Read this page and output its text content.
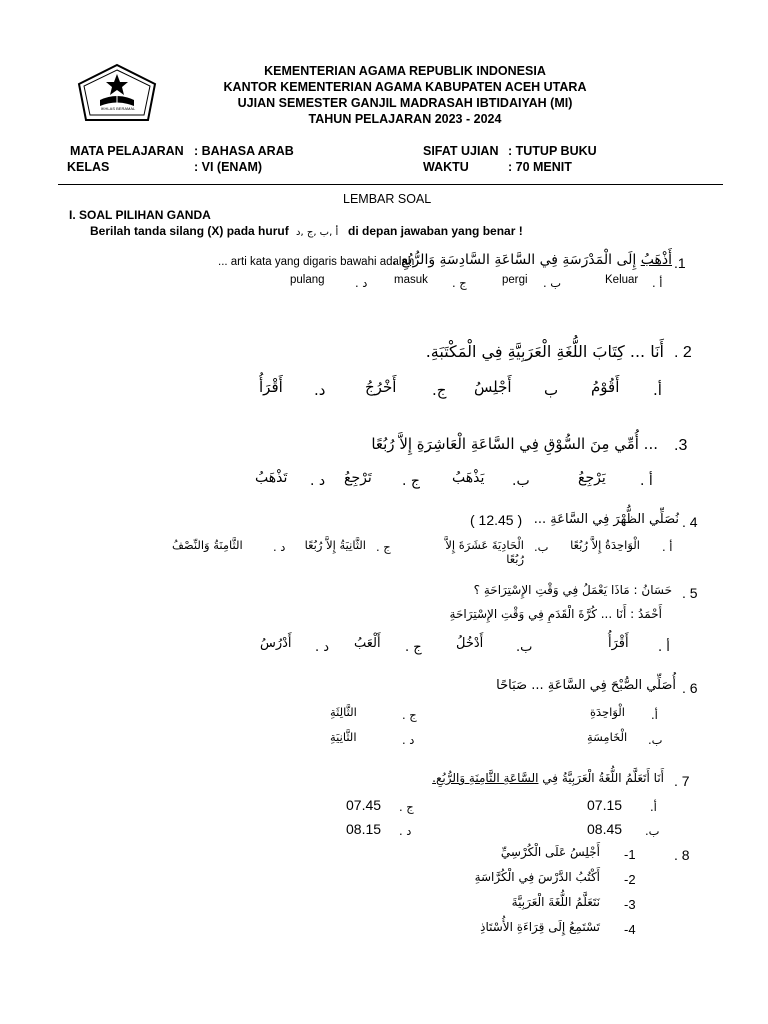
IKHLAS BERAMAL
KEMENTERIAN AGAMA REPUBLIK INDONESIA
KANTOR KEMENTERIAN AGAMA KABUPATEN ACEH UTARA
UJIAN SEMESTER GANJIL MADRASAH IBTIDAIYAH (MI)
TAHUN PELAJARAN 2023 - 2024
MATA PELAJARAN : BAHASA ARAB
KELAS	: VI (ENAM)
SIFAT UJIAN : TUTUP BUKU
WAKTU	: 70 MENIT
LEMBAR SOAL
I. SOAL PILIHAN GANDA
Berilah tanda silang (X) pada huruf أ ,ب ,ج ,د di depan jawaban yang benar !
.1
أَذْهَبُ إِلَى الْمَدْرَسَةِ فِي السَّاعَةِ السَّادِسَةِ وَالرُّبُعِ .
... arti kata yang digaris bawahi adalah
Keluar أ .
pergi ب .
masuk ج .
pulang	د .
. 2
أَنَا ... كِتَابَ اللُّغَةِ الْعَرَبِيَّةِ فِي الْمَكْتَبَةِ.
أ.
أَقُوْمُ
ب
أَجْلِسُ
ج.
أَخْرُجُ
د.
أَقْرَأُ
.3
... أُمِّي مِنَ السُّوْقِ فِي السَّاعَةِ الْعَاشِرَةِ إِلاَّ رُبُعًا
أ .
يَرْجِعُ
ب.
يَذْهَبُ
ج .
تَرْجِعُ
د .
تَذْهَبُ
. 4
نُصَلِّي الظُّهْرَ فِي السَّاعَةِ ...
( 12.45 )
أ .
الْوَاحِدَةُ إِلاَّ رُبُعًا
ب.
الْحَادِيَةَ عَشَرَةَ إِلاَّ رُبُعًا
ج .
الثَّانِيَةُ إِلاَّ رُبُعًا
د .
الثَّامِنَةُ وَالنِّصْفُ
. 5
حَسَانُ : مَاذَا يَعْمَلُ فِي وَقْتِ الإِسْتِرَاحَةِ ؟
أَحْمَدُ : أَنَا ... كُرَّةَ الْقَدَمِ فِي وَقْتِ الإِسْتِرَاحَةِ
أ .
أَقْرَأُ
ب.
أَدْخُلُ
ج .
أَلْعَبُ
د .
أَدْرُسُ
. 6
أُصَلِّي الصُّبْحَ فِي السَّاعَةِ ... صَبَاحًا
أ.
الْوَاحِدَةِ
ب.
الْخَامِسَةِ
ج .
الثَّالِثَةِ
د .
الثَّانِيَةِ
. 7
أَنَا أَتَعَلَّمُ اللُّغَةُ الْعَرَبِيَّةُ فِي السَّاعَةِ الثَّامِنَةِ وَالرُّبُعِ.
أ.
07.15
ب.
08.45
ج .
07.45
د .
08.15
. 8
-1
أَجْلِسُ عَلَى الْكُرْسِيِّ
-2
أَكْتُبُ الدَّرْسَ فِي الْكُرَّاسَةِ
-3
نَتَعَلَّمُ اللُّغَةَ الْعَرَبِيَّةَ
-4
تَسْتَمِعُ إِلَى قِرَاءَةِ الأُسْتَاذِ
